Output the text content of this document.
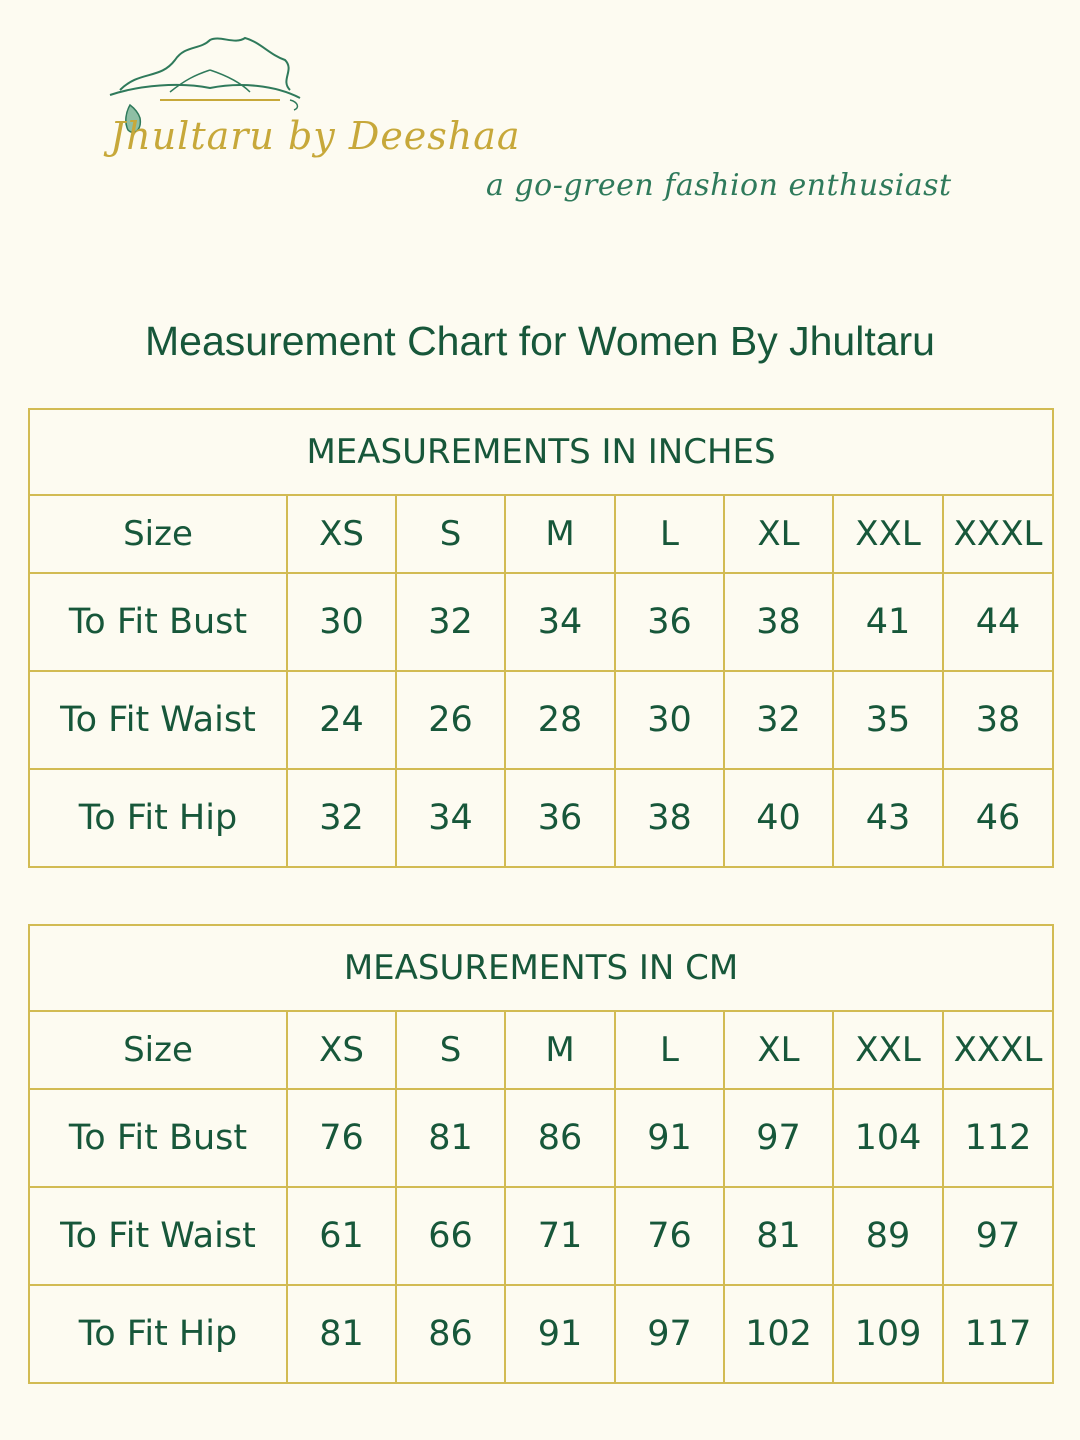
Jhultaru by Deeshaa
a go-green fashion enthusiast
Measurement Chart for Women By Jhultaru
MEASUREMENTS IN INCHES							
Size	XS	S	M	L	XL	XXL	XXXL
To Fit Bust	30	32	34	36	38	41	44
To Fit Waist	24	26	28	30	32	35	38
To Fit Hip	32	34	36	38	40	43	46
MEASUREMENTS IN CM							
Size	XS	S	M	L	XL	XXL	XXXL
To Fit Bust	76	81	86	91	97	104	112
To Fit Waist	61	66	71	76	81	89	97
To Fit Hip	81	86	91	97	102	109	117
